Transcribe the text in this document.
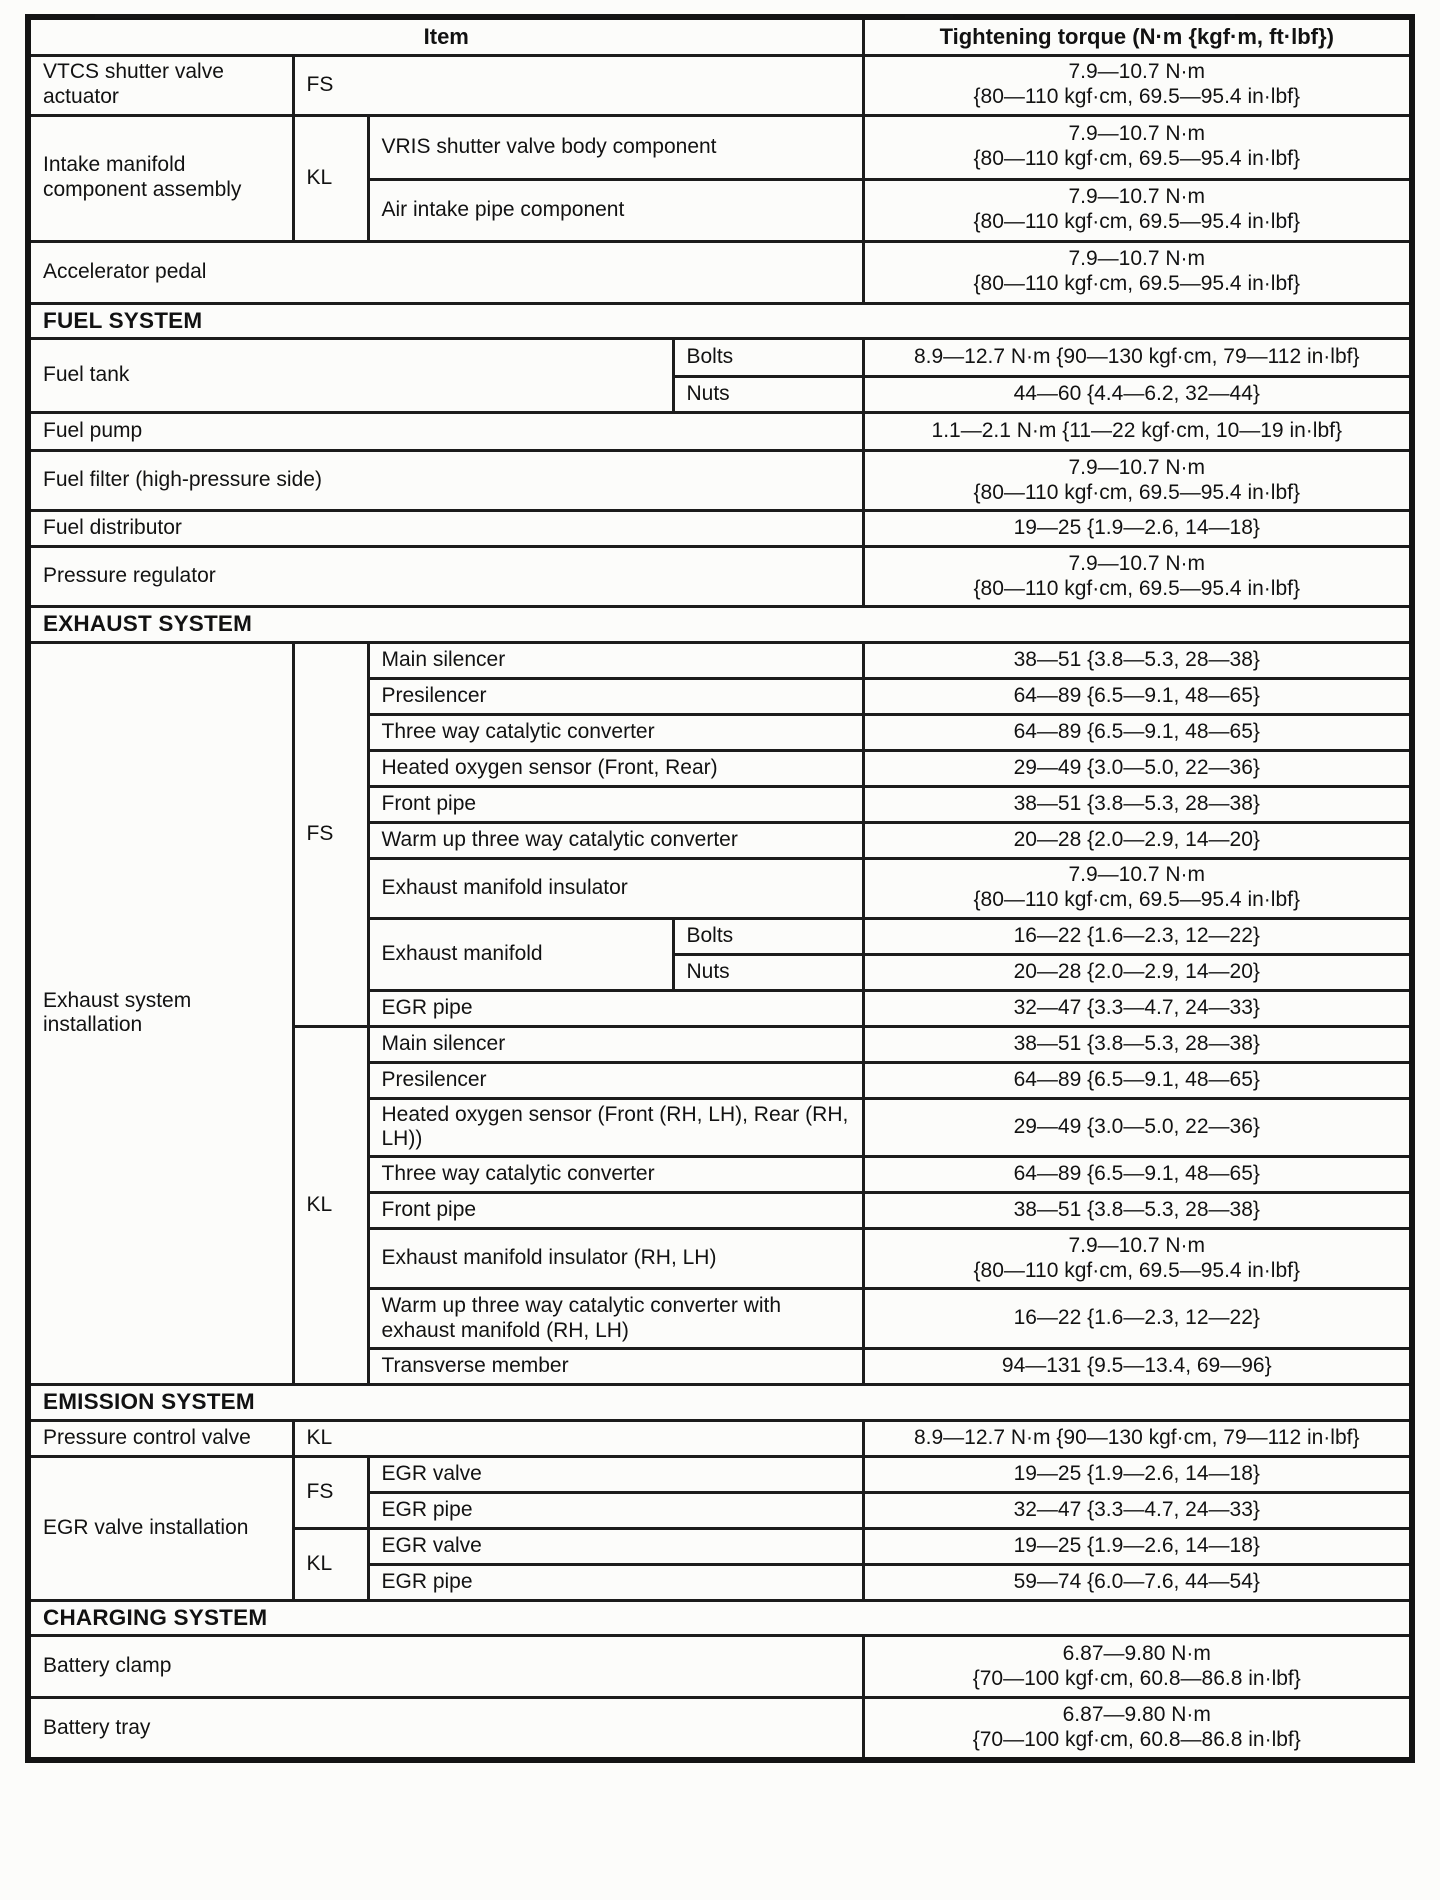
Item				Tightening torque (N·m {kgf·m, ft·lbf})
VTCS shutter valve actuator	FS			7.9—10.7 N·m
{80—110 kgf·cm, 69.5—95.4 in·lbf}

Intake manifold component assembly	KL	VRIS shutter valve body component		7.9—10.7 N·m
{80—110 kgf·cm, 69.5—95.4 in·lbf}

		Air intake pipe component		7.9—10.7 N·m
{80—110 kgf·cm, 69.5—95.4 in·lbf}

Accelerator pedal				7.9—10.7 N·m
{80—110 kgf·cm, 69.5—95.4 in·lbf}

FUEL SYSTEM				
Fuel tank			Bolts	8.9—12.7 N·m {90—130 kgf·cm, 79—112 in·lbf}
			Nuts	44—60 {4.4—6.2, 32—44}
Fuel pump				1.1—2.1 N·m {11—22 kgf·cm, 10—19 in·lbf}
Fuel filter (high-pressure side)				7.9—10.7 N·m
{80—110 kgf·cm, 69.5—95.4 in·lbf}

Fuel distributor				19—25 {1.9—2.6, 14—18}
Pressure regulator				7.9—10.7 N·m
{80—110 kgf·cm, 69.5—95.4 in·lbf}

EXHAUST SYSTEM				
Exhaust system installation	FS	Main silencer		38—51 {3.8—5.3, 28—38}
		Presilencer		64—89 {6.5—9.1, 48—65}
		Three way catalytic converter		64—89 {6.5—9.1, 48—65}
		Heated oxygen sensor (Front, Rear)		29—49 {3.0—5.0, 22—36}
		Front pipe		38—51 {3.8—5.3, 28—38}
		Warm up three way catalytic converter		20—28 {2.0—2.9, 14—20}
		Exhaust manifold insulator		7.9—10.7 N·m
{80—110 kgf·cm, 69.5—95.4 in·lbf}

		Exhaust manifold	Bolts	16—22 {1.6—2.3, 12—22}
			Nuts	20—28 {2.0—2.9, 14—20}
		EGR pipe		32—47 {3.3—4.7, 24—33}
	KL	Main silencer		38—51 {3.8—5.3, 28—38}
		Presilencer		64—89 {6.5—9.1, 48—65}
		Heated oxygen sensor (Front (RH, LH), Rear (RH, LH))		29—49 {3.0—5.0, 22—36}
		Three way catalytic converter		64—89 {6.5—9.1, 48—65}
		Front pipe		38—51 {3.8—5.3, 28—38}
		Exhaust manifold insulator (RH, LH)		7.9—10.7 N·m
{80—110 kgf·cm, 69.5—95.4 in·lbf}

		Warm up three way catalytic converter with exhaust manifold (RH, LH)		16—22 {1.6—2.3, 12—22}
		Transverse member		94—131 {9.5—13.4, 69—96}
EMISSION SYSTEM				
Pressure control valve	KL			8.9—12.7 N·m {90—130 kgf·cm, 79—112 in·lbf}
EGR valve installation	FS	EGR valve		19—25 {1.9—2.6, 14—18}
		EGR pipe		32—47 {3.3—4.7, 24—33}
	KL	EGR valve		19—25 {1.9—2.6, 14—18}
		EGR pipe		59—74 {6.0—7.6, 44—54}
CHARGING SYSTEM				
Battery clamp				6.87—9.80 N·m
{70—100 kgf·cm, 60.8—86.8 in·lbf}

Battery tray				6.87—9.80 N·m
{70—100 kgf·cm, 60.8—86.8 in·lbf}
